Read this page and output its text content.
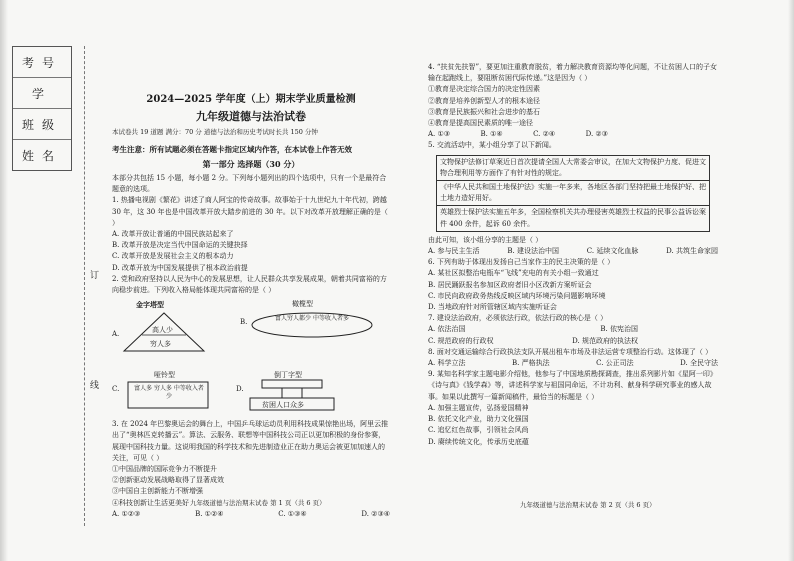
考号
学
班级
姓名
订
线
2024—2025 学年度（上）期末学业质量检测
九年级道德与法治试卷
本试卷共 19 道题 满分：70 分 道德与法治和历史考试时长共 150 分钟
考生注意：所有试题必须在答题卡指定区域内作答，在本试卷上作答无效
第一部分 选择题（30 分）

本部分共包括 15 小题，每小题 2 分。下列每小题列出的四个选项中，只有一个是最符合题意的选项。

1. 热播电视剧《繁花》讲述了商人阿宝的传奇故事。故事始于十九世纪九十年代初，跨越 30 年，这 30 年也是中国改革开放大踏步前进的 30 年。以下对改革开放理解正确的是（ ）

A. 改革开放让普通的中国民族站起来了

B. 改革开放是决定当代中国命运的关键抉择

C. 改革开放是发展社会主义的根本动力

D. 改革开放为中国发展提供了根本政治前提

2. 党和政府坚持以人民为中心的发展思想，让人民群众共享发展成果，朝着共同富裕的方向稳步前进。下列收入格局能体现共同富裕的是（ ）

A.
金字塔型
高人少
穷人多
B.
橄榄型
富人穷人都少 中等收入者多
C.
哑铃型
富人多 穷人多 中等收入者少
D.
倒丁字型
贫困人口众多

3. 在 2024 年巴黎奥运会的舞台上，中国乒乓球运动员利用科技成果惊艳出场，阿里云推出了“奥林匹克转播云”。算法、云服务、联想等中国科技公司正以更加积极的身份参赛，展现中国科技力量。这说明我国的科学技术和先进制造业正在助力奥运会被更加加速人的关注，可见（ ）

①中国品牌的国际竞争力不断提升

②创新驱动发展战略取得了显著成效

③中国自主创新能力不断增强

④科技创新让生活更美好

A. ①②③	B. ①②④	C. ①③④	D. ②③④
九年级道德与法治期末试卷 第 1 页（共 6 页）

4. “扶贫先扶智”，要更加注重教育脱贫，着力解决教育资源均等化问题，不让贫困人口的子女输在起跑线上，要阻断贫困代际传递。”这是因为（ ）

①教育是决定综合国力的决定性因素

②教育是培养创新型人才的根本途径

③教育是民族振兴和社会进步的基石

④教育是提高国民素质的唯一途径

A. ①③	B. ①④	C. ②④	D. ②③

5. 交流活动中，某小组分享了以下新闻。

文物保护法修订草案近日首次提请全国人大常委会审议，在加大文物保护力度、促进文物合理利用等方面作了有针对性的规定。
《中华人民共和国土地保护法》实施一年多来，各地区各部门坚持把最土地保护好、把土地力造好用好。
英雄烈士保护法实施五年多，全国检察机关共办理侵害英雄烈士权益的民事公益诉讼案件 400 余件，起诉 60 余件。

由此可知，该小组分享的主题是（ ）

A. 参与民主生活	B. 建设法治中国	C. 延续文化血脉	D. 共筑生命家园

6. 下列有助于体现出发扬自己当家作主的民主决策的是（ ）

A. 某社区拟整治电瓶车“飞线”充电的有关小组一致通过

B. 居民踊跃报名参加区政府者旧小区改新方案听证会

C. 市民向政府政务热线反映区域内环境污染问题影响环境

D. 当地政府针对所管辖区域内实施听证会

7. 建设法治政府，必须依法行政，依法行政的核心是（ ）

A. 依法治国	B. 依宪治国
C. 规范政府的行政权	D. 规范政府的执法权

8. 面对交通运输综合行政执法支队开展出租车市场及非法运营专项整治行动。这体现了（ ）

A. 科学立法	B. 严格执法	C. 公正司法	D. 全民守法

9. 某知名科学家主题电影介绍他，他参与了中国地质勘探调查，推出系列影片如《星阿一印》《诗与真》《钱学森》等，讲述科学家与祖国同命运，不计功利、献身科学研究事业的感人故事。如果以此撰写一篇新闻稿件，最恰当的标题是（ ）

A. 加强主题宣传，弘扬爱国精神

B. 依托文化产业，助力文化强国

C. 追忆红色故事，引领社会风尚

D. 赓续传统文化，传承历史底蕴

九年级道德与法治期末试卷 第 2 页（共 6 页）
